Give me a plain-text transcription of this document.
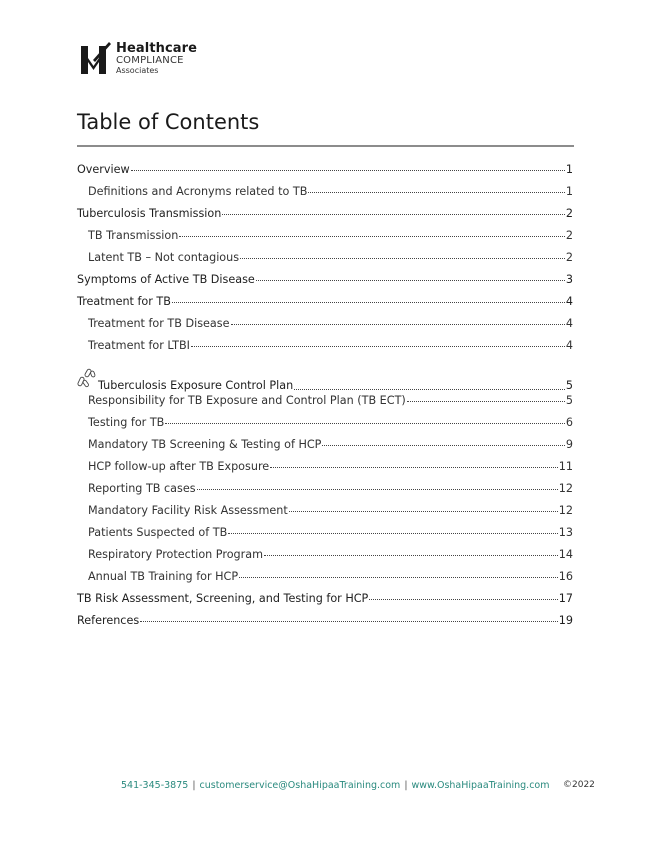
Healthcare
COMPLIANCE
Associates
Table of Contents
Overview	1
Definitions and Acronyms related to TB	1
Tuberculosis Transmission	2
TB Transmission	2
Latent TB – Not contagious	2
Symptoms of Active TB Disease	3
Treatment for TB	4
Treatment for TB Disease	4
Treatment for LTBI	4
Tuberculosis Exposure Control Plan	5
Responsibility for TB Exposure and Control Plan (TB ECT)	5
Testing for TB	6
Mandatory TB Screening & Testing of HCP	9
HCP follow-up after TB Exposure	11
Reporting TB cases	12
Mandatory Facility Risk Assessment	12
Patients Suspected of TB	13
Respiratory Protection Program	14
Annual TB Training for HCP	16
TB Risk Assessment, Screening, and Testing for HCP	17
References	19
541-345-3875 | customerservice@OshaHipaaTraining.com | www.OshaHipaaTraining.com ©2022
